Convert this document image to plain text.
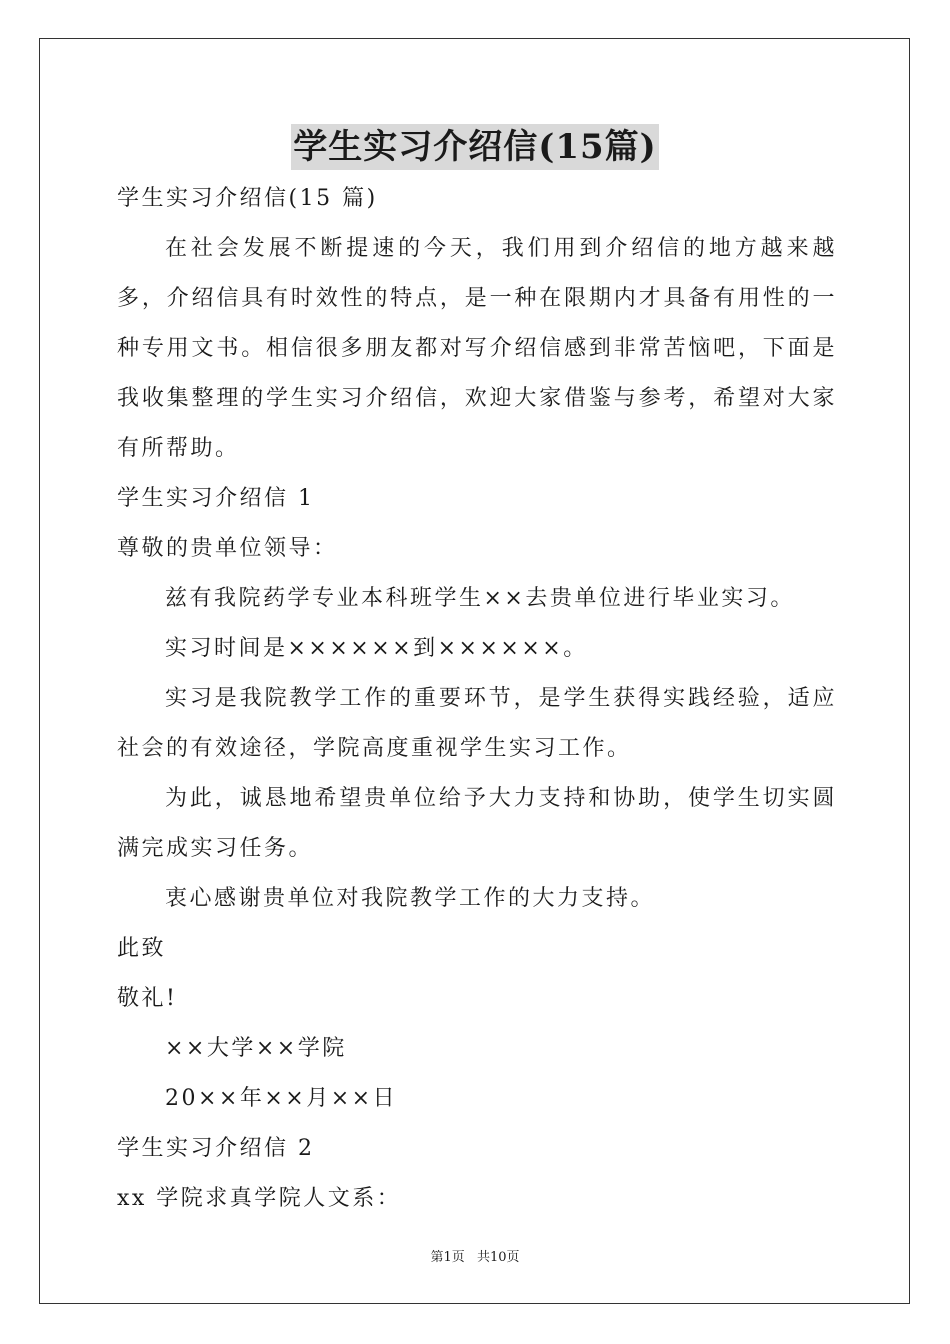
学生实习介绍信(15篇)

学生实习介绍信(15 篇)

在社会发展不断提速的今天，我们用到介绍信的地方越来越多，介绍信具有时效性的特点，是一种在限期内才具备有用性的一种专用文书。相信很多朋友都对写介绍信感到非常苦恼吧，下面是我收集整理的学生实习介绍信，欢迎大家借鉴与参考，希望对大家有所帮助。

学生实习介绍信 1

尊敬的贵单位领导：

兹有我院药学专业本科班学生××去贵单位进行毕业实习。

实习时间是××××××到××××××。

实习是我院教学工作的重要环节，是学生获得实践经验，适应社会的有效途径，学院高度重视学生实习工作。

为此，诚恳地希望贵单位给予大力支持和协助，使学生切实圆满完成实习任务。

衷心感谢贵单位对我院教学工作的大力支持。

此致

敬礼!

××大学××学院

20××年××月××日

学生实习介绍信 2

xx 学院求真学院人文系：

第1页 共10页
